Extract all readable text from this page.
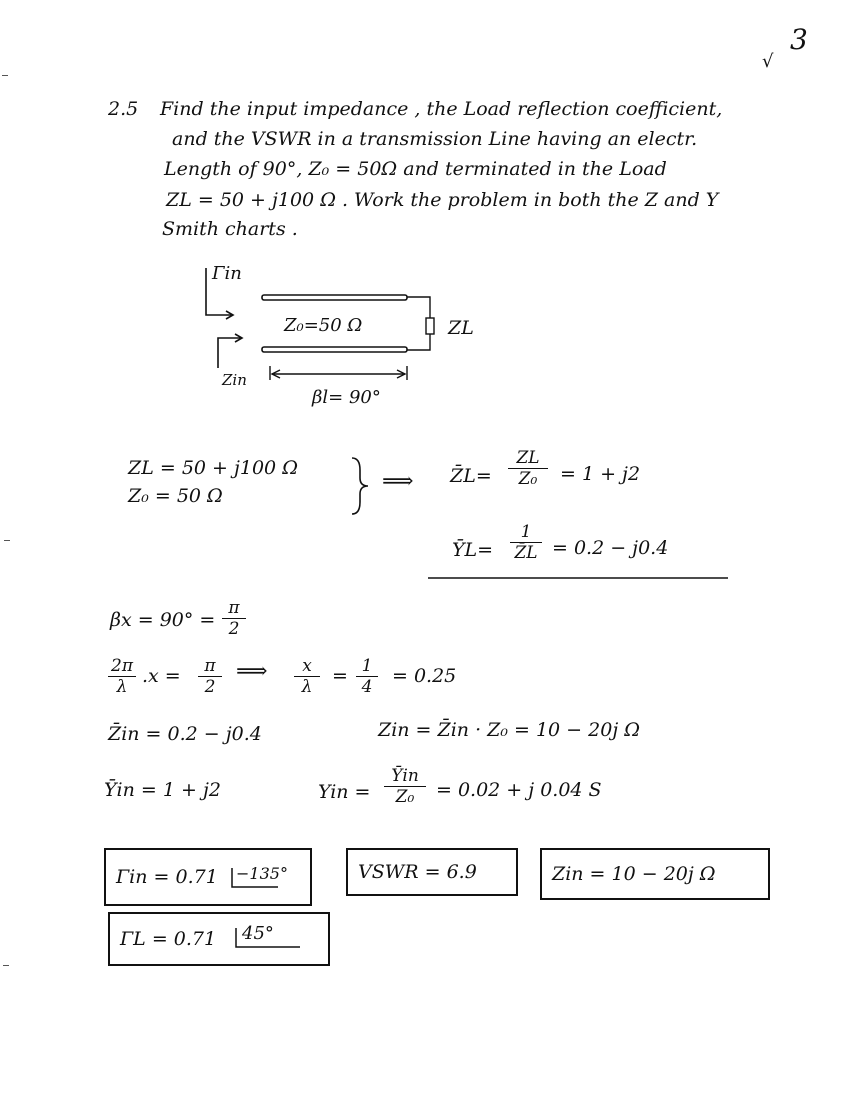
√
3
2.5 Find the input impedance , the Load reflection coefficient,
and the VSWR in a transmission Line having an electr.
Length of 90°, Z₀ = 50Ω and terminated in the Load
ZL = 50 + j100 Ω . Work the problem in both the Z and Y
Smith charts .
Γin
Zin
Z₀=50 Ω	ZL
βl= 90°
ZL = 50 + j100 Ω
Z₀ = 50 Ω
⟹ Z̄L= $\frac{ZL}{\text{Z₀}} = 1 + j2$
ȲL= $\frac{1}{Z̄L} = 0.2 - j0.4$
$\beta x = 90^\circ = \frac{\pi}{2}$
$\frac{2\pi}{\lambda} .x = \frac{\pi}{2}$ ⟹ $\frac{x}{\lambda} = \frac{1}{4} = 0.25$
Z̄in = 0.2 − j0.4	Zin = Z̄in · Z₀ = 10 − 20j Ω
Ȳin = 1 + j2	Yin =
Ȳin
Z₀	= 0.02 + j 0.04 S
Γin = 0.71 −135°	VSWR = 6.9	Zin = 10 − 20j Ω
ΓL = 0.71 45°
